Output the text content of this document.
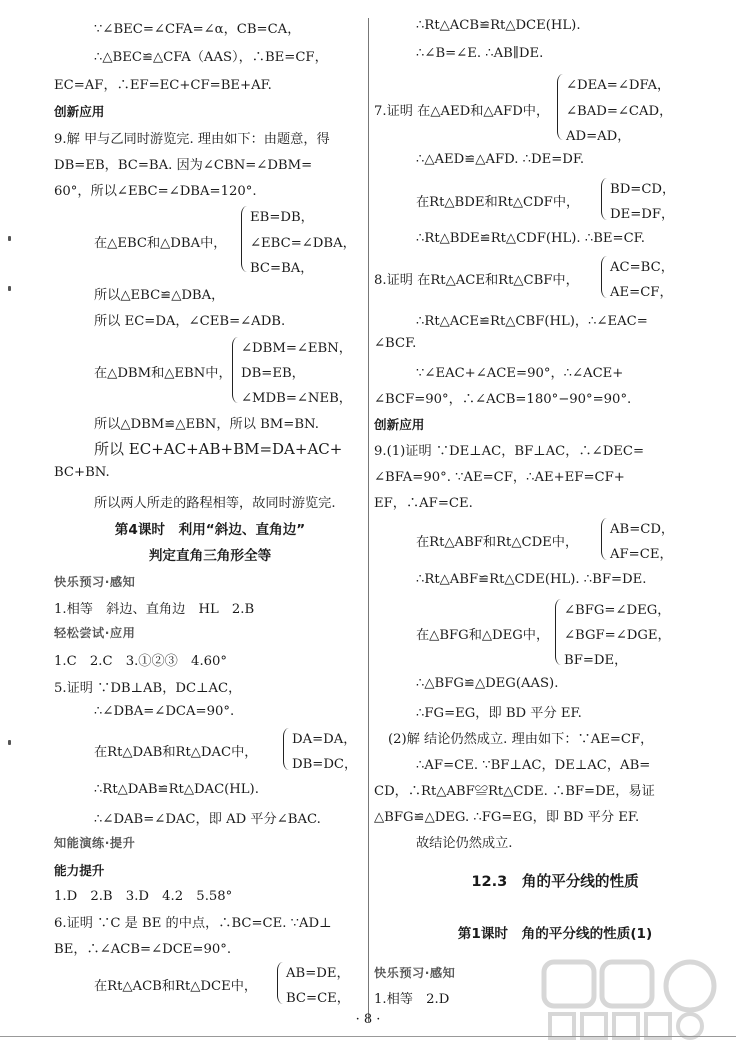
∵∠BEC=∠CFA=∠α，CB=CA，
∴△BEC≌△CFA（AAS），∴BE=CF，
EC=AF，∴EF=EC+CF=BE+AF.
创新应用
9.解 甲与乙同时游览完. 理由如下：由题意，得
DB=EB，BC=BA. 因为∠CBN=∠DBM=
60°，所以∠EBC=∠DBA=120°.
EB=DB，
在△EBC和△DBA中， ∠EBC=∠DBA，
BC=BA，
所以△EBC≌△DBA，
所以 EC=DA，∠CEB=∠ADB.
∠DBM=∠EBN，
在△DBM和△EBN中， DB=EB，
∠MDB=∠NEB，
所以△DBM≌△EBN，所以 BM=BN.
所以 EC+AC+AB+BM=DA+AC+
BC+BN.
所以两人所走的路程相等，故同时游览完.
第4课时　利用“斜边、直角边”
判定直角三角形全等
快乐预习·感知
1.相等　斜边、直角边　HL　2.B
轻松尝试·应用
1.C　2.C　3.①②③　4.60°
5.证明 ∵DB⊥AB，DC⊥AC，
∴∠DBA=∠DCA=90°.
DA=DA，
在Rt△DAB和Rt△DAC中，
DB=DC，
∴Rt△DAB≌Rt△DAC(HL).
∴∠DAB=∠DAC，即 AD 平分∠BAC.
知能演练·提升
能力提升
1.D　2.B　3.D　4.2　5.58°
6.证明 ∵C 是 BE 的中点，∴BC=CE. ∵AD⊥
BE，∴∠ACB=∠DCE=90°.
AB=DE，
在Rt△ACB和Rt△DCE中，
BC=CE，
∴Rt△ACB≌Rt△DCE(HL).
∴∠B=∠E. ∴AB∥DE.
∠DEA=∠DFA，
7.证明 在△AED和△AFD中， ∠BAD=∠CAD，
AD=AD，
∴△AED≌△AFD. ∴DE=DF.
BD=CD，
在Rt△BDE和Rt△CDF中，
DE=DF，
∴Rt△BDE≌Rt△CDF(HL). ∴BE=CF.
AC=BC，
8.证明 在Rt△ACE和Rt△CBF中，
AE=CF，
∴Rt△ACE≌Rt△CBF(HL)，∴∠EAC=
∠BCF.
∵∠EAC+∠ACE=90°，∴∠ACE+
∠BCF=90°，∴∠ACB=180°−90°=90°.
创新应用
9.(1)证明 ∵DE⊥AC，BF⊥AC，∴∠DEC=
∠BFA=90°. ∵AE=CF，∴AE+EF=CF+
EF，∴AF=CE.
AB=CD，
在Rt△ABF和Rt△CDE中，
AF=CE，
∴Rt△ABF≌Rt△CDE(HL). ∴BF=DE.
∠BFG=∠DEG，
在△BFG和△DEG中， ∠BGF=∠DGE，
BF=DE，
∴△BFG≌△DEG(AAS).
∴FG=EG，即 BD 平分 EF.
(2)解 结论仍然成立. 理由如下：∵AE=CF，
∴AF=CE. ∵BF⊥AC，DE⊥AC，AB=
CD，∴Rt△ABF≌Rt△CDE. ∴BF=DE，易证
△BFG≌△DEG. ∴FG=EG，即 BD 平分 EF.
故结论仍然成立.
12.3　角的平分线的性质
第1课时　角的平分线的性质(1)
快乐预习·感知
1.相等　2.D
· 8 ·
